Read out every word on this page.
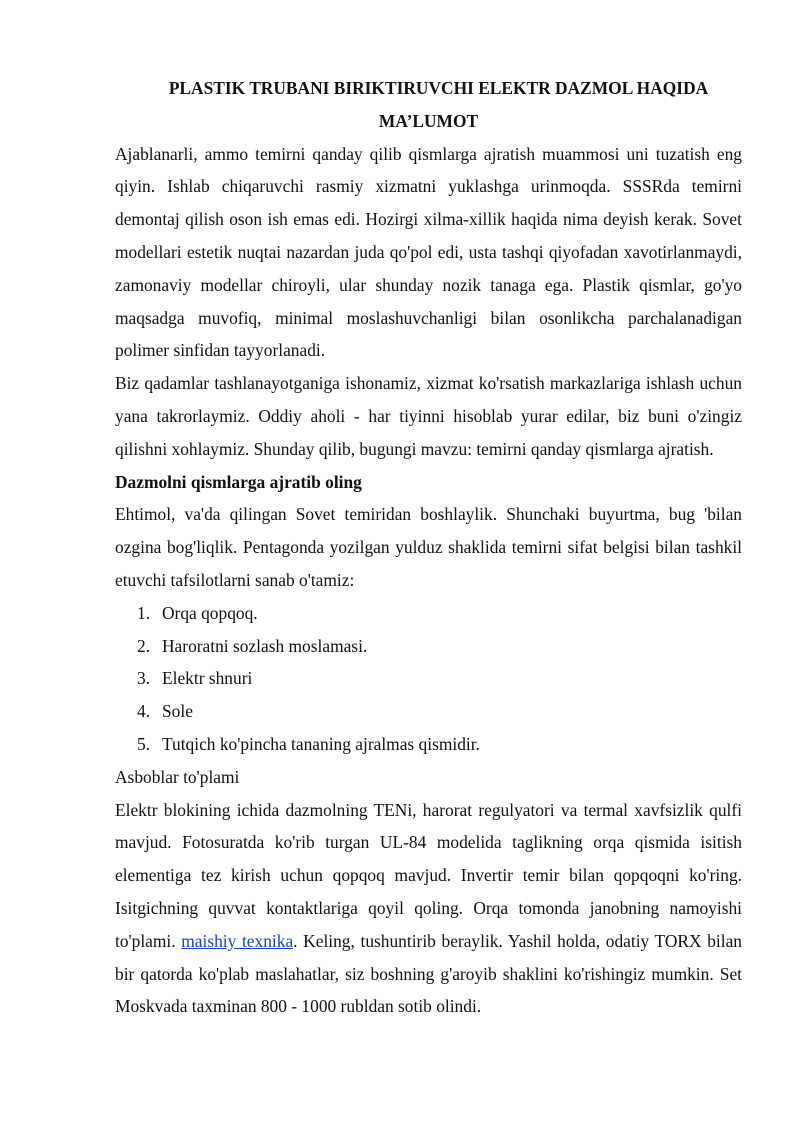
PLASTIK TRUBANI BIRIKTIRUVCHI ELEKTR DAZMOL HAQIDA
MA’LUMOT

Ajablanarli, ammo temirni qanday qilib qismlarga ajratish muammosi uni tuzatish eng qiyin. Ishlab chiqaruvchi rasmiy xizmatni yuklashga urinmoqda. SSSRda temirni demontaj qilish oson ish emas edi. Hozirgi xilma-xillik haqida nima deyish kerak. Sovet modellari estetik nuqtai nazardan juda qo'pol edi, usta tashqi qiyofadan xavotirlanmaydi, zamonaviy modellar chiroyli, ular shunday nozik tanaga ega. Plastik qismlar, go'yo maqsadga muvofiq, minimal moslashuvchanligi bilan osonlikcha parchalanadigan polimer sinfidan tayyorlanadi.

Biz qadamlar tashlanayotganiga ishonamiz, xizmat ko'rsatish markazlariga ishlash uchun yana takrorlaymiz. Oddiy aholi - har tiyinni hisoblab yurar edilar, biz buni o'zingiz qilishni xohlaymiz. Shunday qilib, bugungi mavzu: temirni qanday qismlarga ajratish.

Dazmolni qismlarga ajratib oling

Ehtimol, va'da qilingan Sovet temiridan boshlaylik. Shunchaki buyurtma, bug 'bilan ozgina bog'liqlik. Pentagonda yozilgan yulduz shaklida temirni sifat belgisi bilan tashkil etuvchi tafsilotlarni sanab o'tamiz:

1. Orqa qopqoq.
2. Haroratni sozlash moslamasi.
3. Elektr shnuri
4. Sole
5. Tutqich ko'pincha tananing ajralmas qismidir.
Asboblar to'plami

Elektr blokining ichida dazmolning TENi, harorat regulyatori va termal xavfsizlik qulfi mavjud. Fotosuratda ko'rib turgan UL-84 modelida taglikning orqa qismida isitish elementiga tez kirish uchun qopqoq mavjud. Invertir temir bilan qopqoqni ko'ring. Isitgichning quvvat kontaktlariga qoyil qoling. Orqa tomonda janobning namoyishi to'plami. maishiy texnika. Keling, tushuntirib beraylik. Yashil holda, odatiy TORX bilan bir qatorda ko'plab maslahatlar, siz boshning g'aroyib shaklini ko'rishingiz mumkin. Set Moskvada taxminan 800 - 1000 rubldan sotib olindi.
